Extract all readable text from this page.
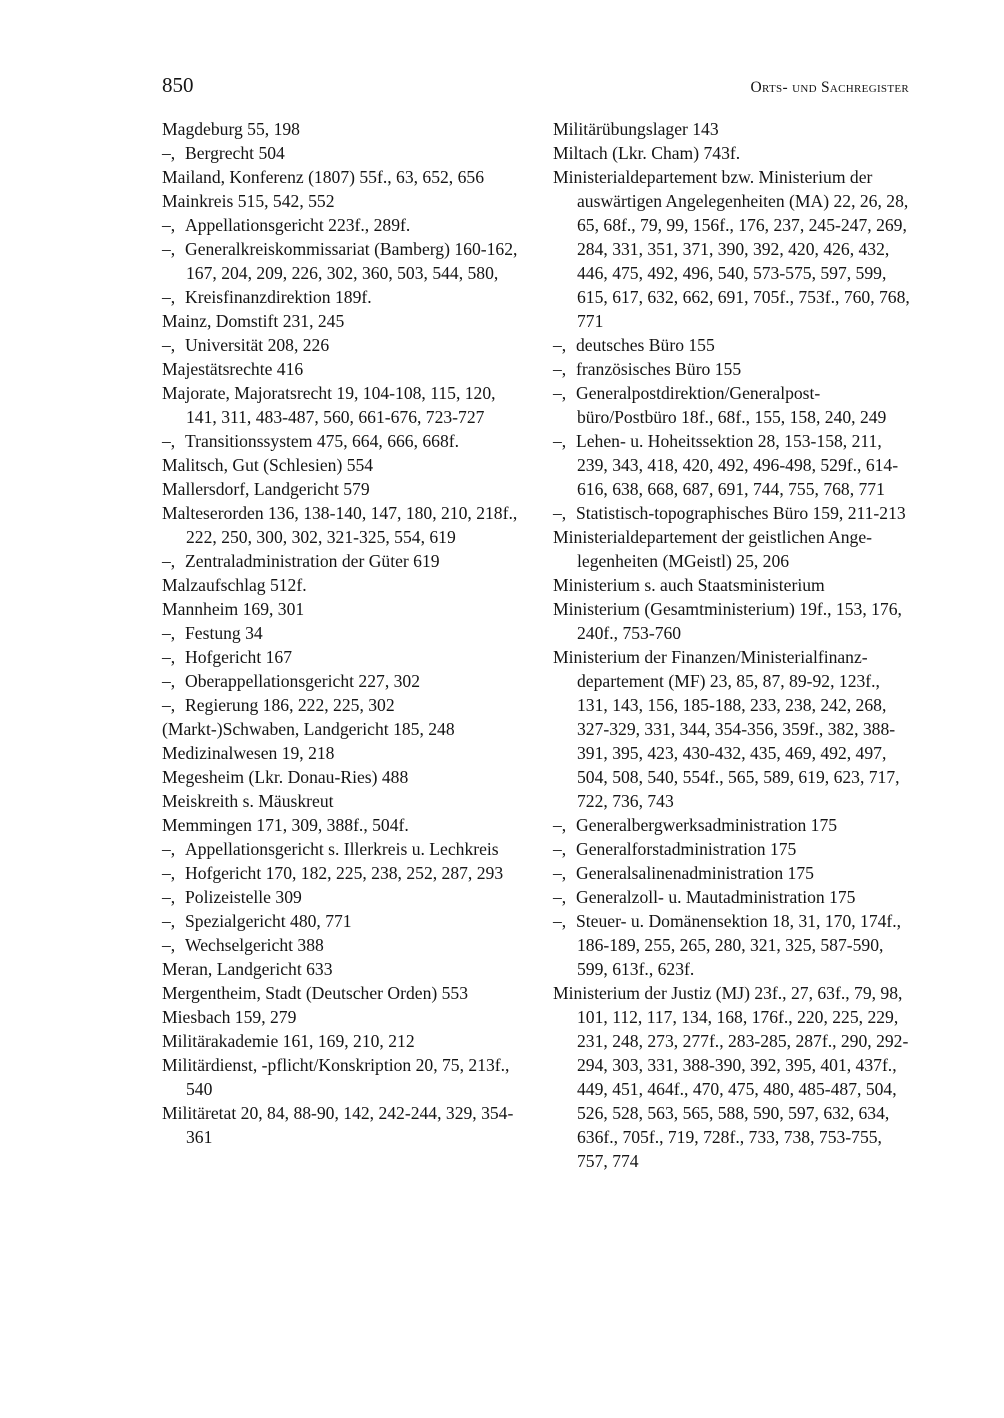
850	Orts- und Sachregister

Magdeburg 55, 198

–, Bergrecht 504

Mailand, Konferenz (1807) 55f., 63, 652, 656

Mainkreis 515, 542, 552

–, Appellationsgericht 223f., 289f.

–, Generalkreiskommissariat (Bamberg) 160-162, 167, 204, 209, 226, 302, 360, 503, 544, 580,

–, Kreisfinanzdirektion 189f.

Mainz, Domstift 231, 245

–, Universität 208, 226

Majestätsrechte 416

Majorate, Majoratsrecht 19, 104-108, 115, 120, 141, 311, 483-487, 560, 661-676, 723-727

–, Transitionssystem 475, 664, 666, 668f.

Malitsch, Gut (Schlesien) 554

Mallersdorf, Landgericht 579

Malteserorden 136, 138-140, 147, 180, 210, 218f., 222, 250, 300, 302, 321-325, 554, 619

–, Zentraladministration der Güter 619

Malzaufschlag 512f.

Mannheim 169, 301

–, Festung 34

–, Hofgericht 167

–, Oberappellationsgericht 227, 302

–, Regierung 186, 222, 225, 302

(Markt-)Schwaben, Landgericht 185, 248

Medizinalwesen 19, 218

Megesheim (Lkr. Donau-Ries) 488

Meiskreith s. Mäuskreut

Memmingen 171, 309, 388f., 504f.

–, Appellationsgericht s. Illerkreis u. Lechkreis

–, Hofgericht 170, 182, 225, 238, 252, 287, 293

–, Polizeistelle 309

–, Spezialgericht 480, 771

–, Wechselgericht 388

Meran, Landgericht 633

Mergentheim, Stadt (Deutscher Orden) 553

Miesbach 159, 279

Militärakademie 161, 169, 210, 212

Militärdienst, -pflicht/Konskription 20, 75, 213f., 540

Militäretat 20, 84, 88-90, 142, 242-244, 329, 354-361

Militärübungslager 143

Miltach (Lkr. Cham) 743f.

Ministerialdepartement bzw. Ministerium der auswärtigen Angelegenheiten (MA) 22, 26, 28, 65, 68f., 79, 99, 156f., 176, 237, 245-247, 269, 284, 331, 351, 371, 390, 392, 420, 426, 432, 446, 475, 492, 496, 540, 573-575, 597, 599, 615, 617, 632, 662, 691, 705f., 753f., 760, 768, 771

–, deutsches Büro 155

–, französisches Büro 155

–, Generalpostdirektion/Generalpost-büro/Postbüro 18f., 68f., 155, 158, 240, 249

–, Lehen- u. Hoheitssektion 28, 153-158, 211, 239, 343, 418, 420, 492, 496-498, 529f., 614-616, 638, 668, 687, 691, 744, 755, 768, 771

–, Statistisch-topographisches Büro 159, 211-213

Ministerialdepartement der geistlichen Ange-legenheiten (MGeistl) 25, 206

Ministerium s. auch Staatsministerium

Ministerium (Gesamtministerium) 19f., 153, 176, 240f., 753-760

Ministerium der Finanzen/Ministerialfinanz-departement (MF) 23, 85, 87, 89-92, 123f., 131, 143, 156, 185-188, 233, 238, 242, 268, 327-329, 331, 344, 354-356, 359f., 382, 388-391, 395, 423, 430-432, 435, 469, 492, 497, 504, 508, 540, 554f., 565, 589, 619, 623, 717, 722, 736, 743

–, Generalbergwerksadministration 175

–, Generalforstadministration 175

–, Generalsalinenadministration 175

–, Generalzoll- u. Mautadministration 175

–, Steuer- u. Domänensektion 18, 31, 170, 174f., 186-189, 255, 265, 280, 321, 325, 587-590, 599, 613f., 623f.

Ministerium der Justiz (MJ) 23f., 27, 63f., 79, 98, 101, 112, 117, 134, 168, 176f., 220, 225, 229, 231, 248, 273, 277f., 283-285, 287f., 290, 292-294, 303, 331, 388-390, 392, 395, 401, 437f., 449, 451, 464f., 470, 475, 480, 485-487, 504, 526, 528, 563, 565, 588, 590, 597, 632, 634, 636f., 705f., 719, 728f., 733, 738, 753-755, 757, 774
